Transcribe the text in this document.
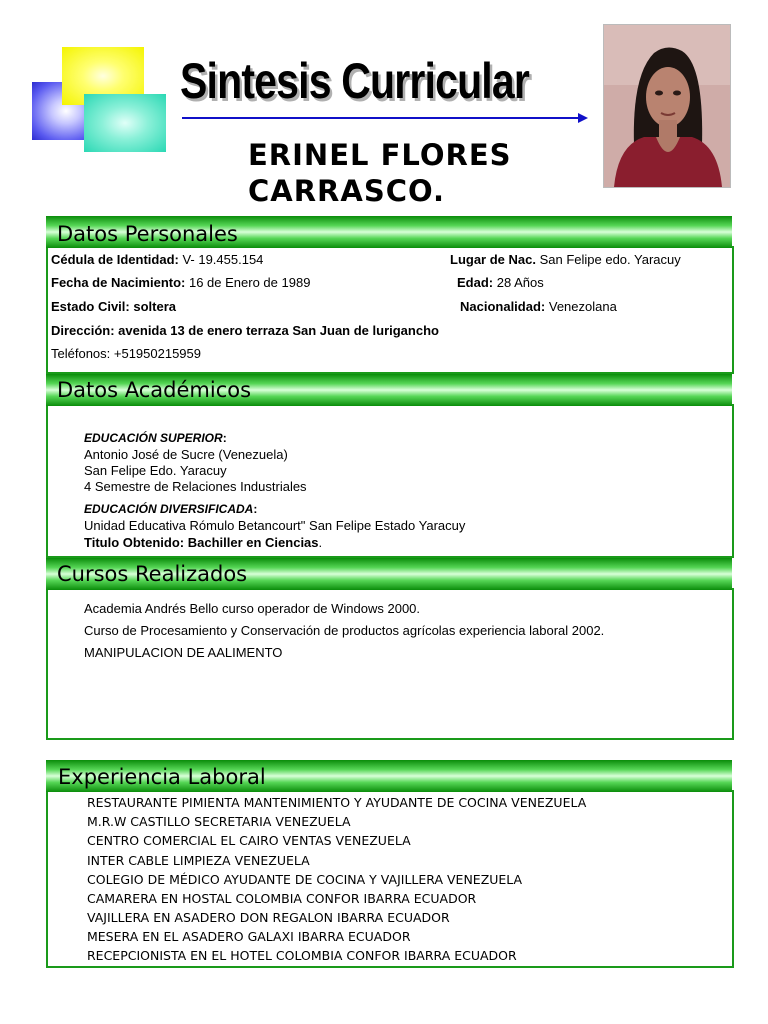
Sintesis Curricular
ERINEL FLORES
CARRASCO.
Datos Personales
Cédula de Identidad: V- 19.455.154	Lugar de Nac. San Felipe edo. Yaracuy
Fecha de Nacimiento: 16 de Enero de 1989	Edad: 28 Años
Estado Civil: soltera	Nacionalidad: Venezolana
Dirección: avenida 13 de enero terraza San Juan de lurigancho
Teléfonos: +51950215959
Datos Académicos
EDUCACIÓN SUPERIOR:
Antonio José de Sucre (Venezuela)
San Felipe Edo. Yaracuy
4 Semestre de Relaciones Industriales
EDUCACIÓN DIVERSIFICADA:
Unidad Educativa Rómulo Betancourt" San Felipe Estado Yaracuy
Titulo Obtenido: Bachiller en Ciencias.
Cursos Realizados
Academia Andrés Bello curso operador de Windows 2000.
Curso de Procesamiento y Conservación de productos agrícolas experiencia laboral 2002.
MANIPULACION DE AALIMENTO
Experiencia Laboral
RESTAURANTE PIMIENTA MANTENIMIENTO Y AYUDANTE DE COCINA VENEZUELA
M.R.W CASTILLO SECRETARIA VENEZUELA
CENTRO COMERCIAL EL CAIRO VENTAS VENEZUELA
INTER CABLE LIMPIEZA VENEZUELA
COLEGIO DE MÉDICO AYUDANTE DE COCINA Y VAJILLERA VENEZUELA
CAMARERA EN HOSTAL COLOMBIA CONFOR IBARRA ECUADOR
VAJILLERA EN ASADERO DON REGALON IBARRA ECUADOR
MESERA EN EL ASADERO GALAXI IBARRA ECUADOR
RECEPCIONISTA EN EL HOTEL COLOMBIA CONFOR IBARRA ECUADOR
